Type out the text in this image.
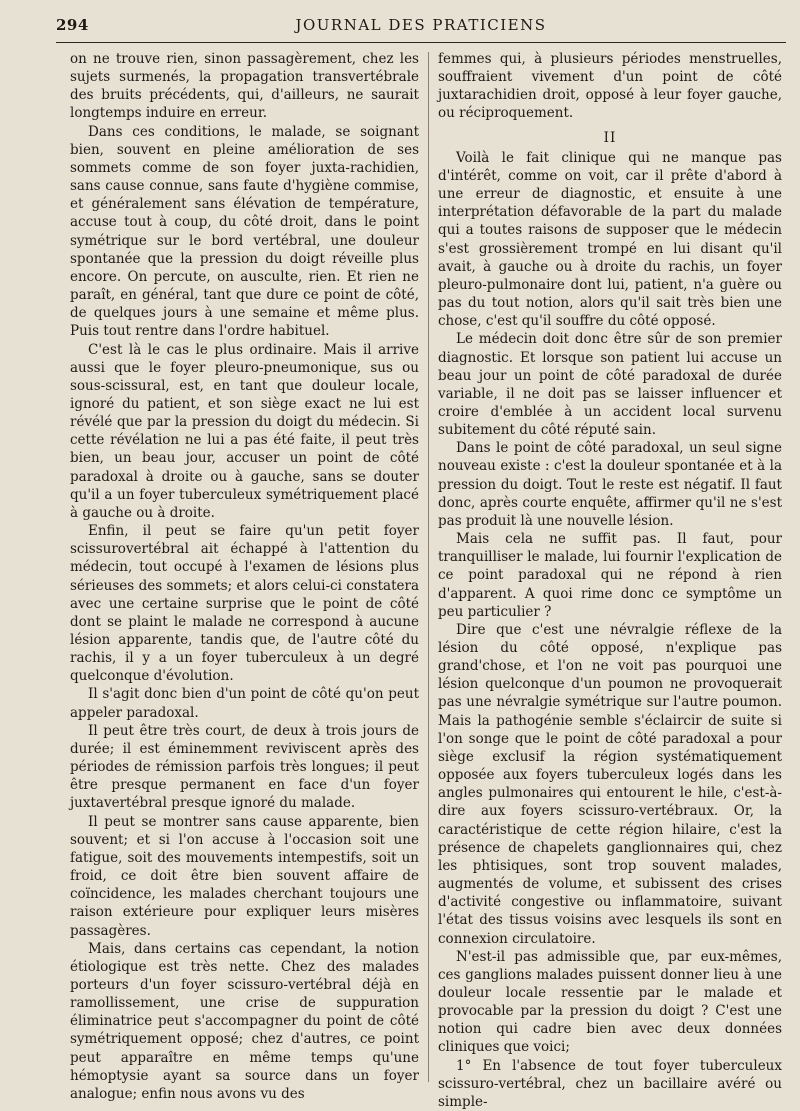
294	JOURNAL DES PRATICIENS

on ne trouve rien, sinon passagèrement, chez les sujets surmenés, la propagation transvertébrale des bruits précédents, qui, d'ailleurs, ne saurait longtemps induire en erreur.

Dans ces conditions, le malade, se soignant bien, souvent en pleine amélioration de ses sommets comme de son foyer juxta-rachidien, sans cause connue, sans faute d'hygiène commise, et généralement sans élévation de température, accuse tout à coup, du côté droit, dans le point symétrique sur le bord vertébral, une douleur spontanée que la pression du doigt réveille plus encore. On percute, on ausculte, rien. Et rien ne paraît, en général, tant que dure ce point de côté, de quelques jours à une semaine et même plus. Puis tout rentre dans l'ordre habituel.

C'est là le cas le plus ordinaire. Mais il arrive aussi que le foyer pleuro-pneumonique, sus ou sous-scissural, est, en tant que douleur locale, ignoré du patient, et son siège exact ne lui est révélé que par la pression du doigt du médecin. Si cette révélation ne lui a pas été faite, il peut très bien, un beau jour, accuser un point de côté paradoxal à droite ou à gauche, sans se douter qu'il a un foyer tuberculeux symétriquement placé à gauche ou à droite.

Enfin, il peut se faire qu'un petit foyer scissurovertébral ait échappé à l'attention du médecin, tout occupé à l'examen de lésions plus sérieuses des sommets; et alors celui-ci constatera avec une certaine surprise que le point de côté dont se plaint le malade ne correspond à aucune lésion apparente, tandis que, de l'autre côté du rachis, il y a un foyer tuberculeux à un degré quelconque d'évolution.

Il s'agit donc bien d'un point de côté qu'on peut appeler paradoxal.

Il peut être très court, de deux à trois jours de durée; il est éminemment reviviscent après des périodes de rémission parfois très longues; il peut être presque permanent en face d'un foyer juxtavertébral presque ignoré du malade.

Il peut se montrer sans cause apparente, bien souvent; et si l'on accuse à l'occasion soit une fatigue, soit des mouvements intempestifs, soit un froid, ce doit être bien souvent affaire de coïncidence, les malades cherchant toujours une raison extérieure pour expliquer leurs misères passagères.

Mais, dans certains cas cependant, la notion étiologique est très nette. Chez des malades porteurs d'un foyer scissuro-vertébral déjà en ramollissement, une crise de suppuration éliminatrice peut s'accompagner du point de côté symétriquement opposé; chez d'autres, ce point peut apparaître en même temps qu'une hémoptysie ayant sa source dans un foyer analogue; enfin nous avons vu des

femmes qui, à plusieurs périodes menstruelles, souffraient vivement d'un point de côté juxtarachidien droit, opposé à leur foyer gauche, ou réciproquement.

II

Voilà le fait clinique qui ne manque pas d'intérêt, comme on voit, car il prête d'abord à une erreur de diagnostic, et ensuite à une interprétation défavorable de la part du malade qui a toutes raisons de supposer que le médecin s'est grossièrement trompé en lui disant qu'il avait, à gauche ou à droite du rachis, un foyer pleuro-pulmonaire dont lui, patient, n'a guère ou pas du tout notion, alors qu'il sait très bien une chose, c'est qu'il souffre du côté opposé.

Le médecin doit donc être sûr de son premier diagnostic. Et lorsque son patient lui accuse un beau jour un point de côté paradoxal de durée variable, il ne doit pas se laisser influencer et croire d'emblée à un accident local survenu subitement du côté réputé sain.

Dans le point de côté paradoxal, un seul signe nouveau existe : c'est la douleur spontanée et à la pression du doigt. Tout le reste est négatif. Il faut donc, après courte enquête, affirmer qu'il ne s'est pas produit là une nouvelle lésion.

Mais cela ne suffit pas. Il faut, pour tranquilliser le malade, lui fournir l'explication de ce point paradoxal qui ne répond à rien d'apparent. A quoi rime donc ce symptôme un peu particulier ?

Dire que c'est une névralgie réflexe de la lésion du côté opposé, n'explique pas grand'chose, et l'on ne voit pas pourquoi une lésion quelconque d'un poumon ne provoquerait pas une névralgie symétrique sur l'autre poumon. Mais la pathogénie semble s'éclaircir de suite si l'on songe que le point de côté paradoxal a pour siège exclusif la région systématiquement opposée aux foyers tuberculeux logés dans les angles pulmonaires qui entourent le hile, c'est-à-dire aux foyers scissuro-vertébraux. Or, la caractéristique de cette région hilaire, c'est la présence de chapelets ganglionnaires qui, chez les phtisiques, sont trop souvent malades, augmentés de volume, et subissent des crises d'activité congestive ou inflammatoire, suivant l'état des tissus voisins avec lesquels ils sont en connexion circulatoire.

N'est-il pas admissible que, par eux-mêmes, ces ganglions malades puissent donner lieu à une douleur locale ressentie par le malade et provocable par la pression du doigt ? C'est une notion qui cadre bien avec deux données cliniques que voici;

1° En l'absence de tout foyer tuberculeux scissuro-vertébral, chez un bacillaire avéré ou simple-
